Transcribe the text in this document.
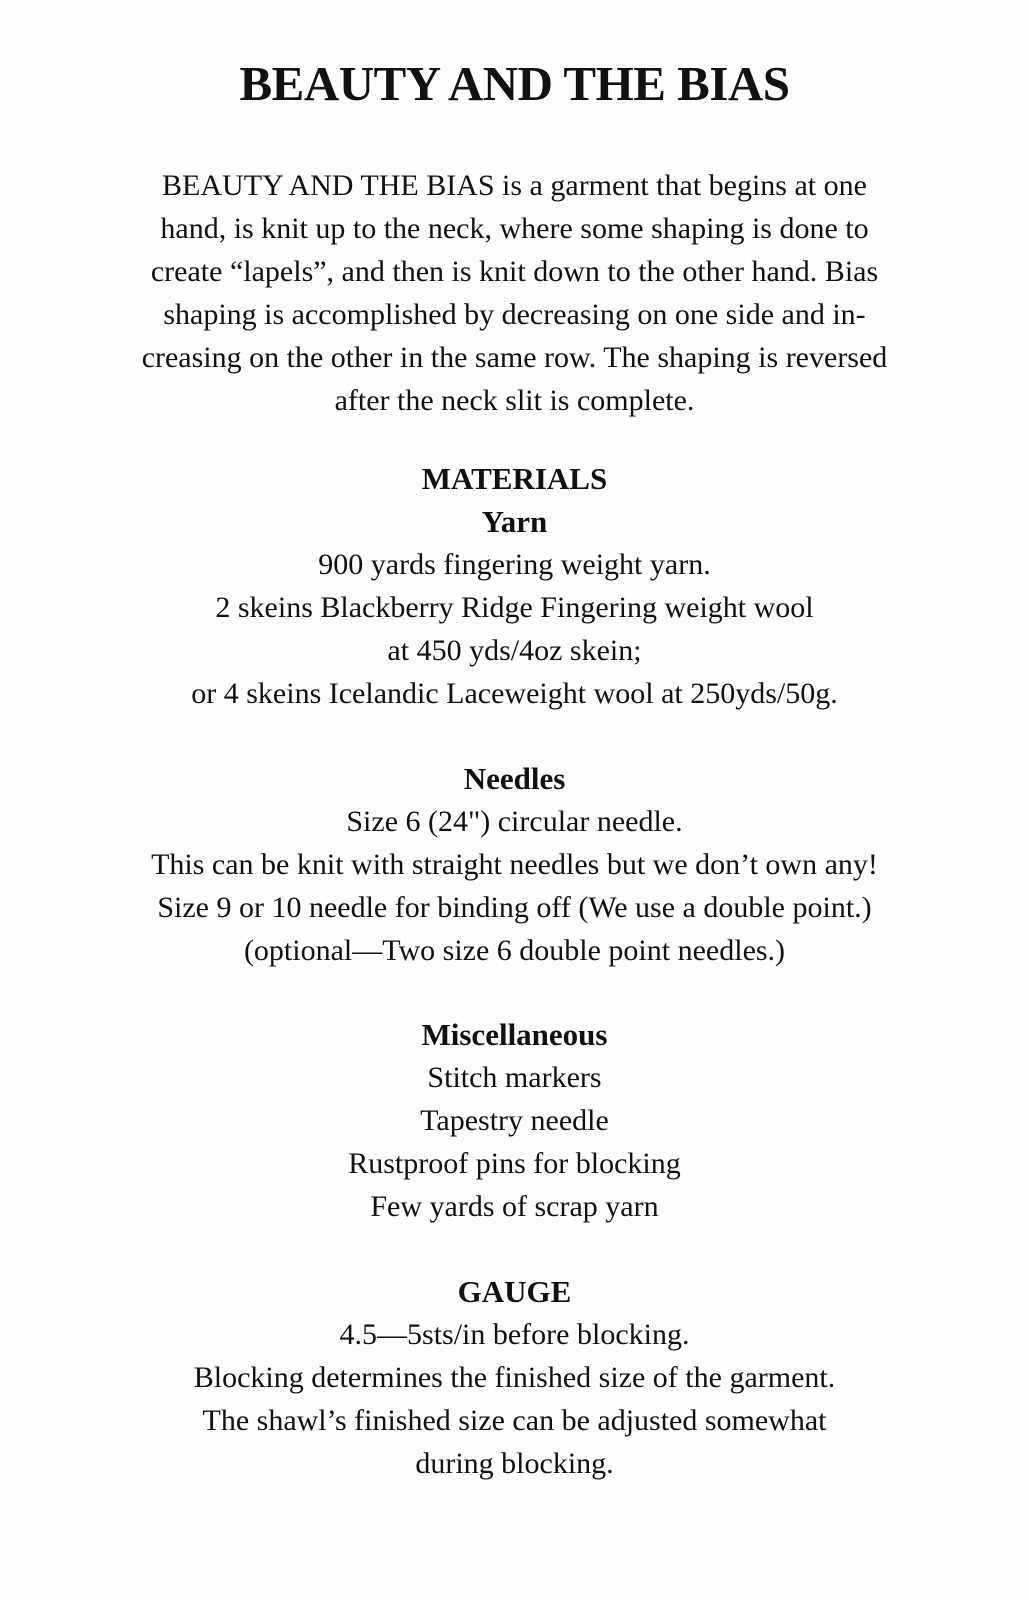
BEAUTY AND THE BIAS

BEAUTY AND THE BIAS is a garment that begins at one
hand, is knit up to the neck, where some shaping is done to
create “lapels”, and then is knit down to the other hand. Bias
shaping is accomplished by decreasing on one side and in-
creasing on the other in the same row. The shaping is reversed
after the neck slit is complete.

MATERIALS
Yarn

900 yards fingering weight yarn.

2 skeins Blackberry Ridge Fingering weight wool

at 450 yds/4oz skein;

or 4 skeins Icelandic Laceweight wool at 250yds/50g.

Needles

Size 6 (24") circular needle.

This can be knit with straight needles but we don’t own any!

Size 9 or 10 needle for binding off (We use a double point.)

(optional—Two size 6 double point needles.)

Miscellaneous

Stitch markers

Tapestry needle

Rustproof pins for blocking

Few yards of scrap yarn

GAUGE

4.5—5sts/in before blocking.

Blocking determines the finished size of the garment.

The shawl’s finished size can be adjusted somewhat

during blocking.
